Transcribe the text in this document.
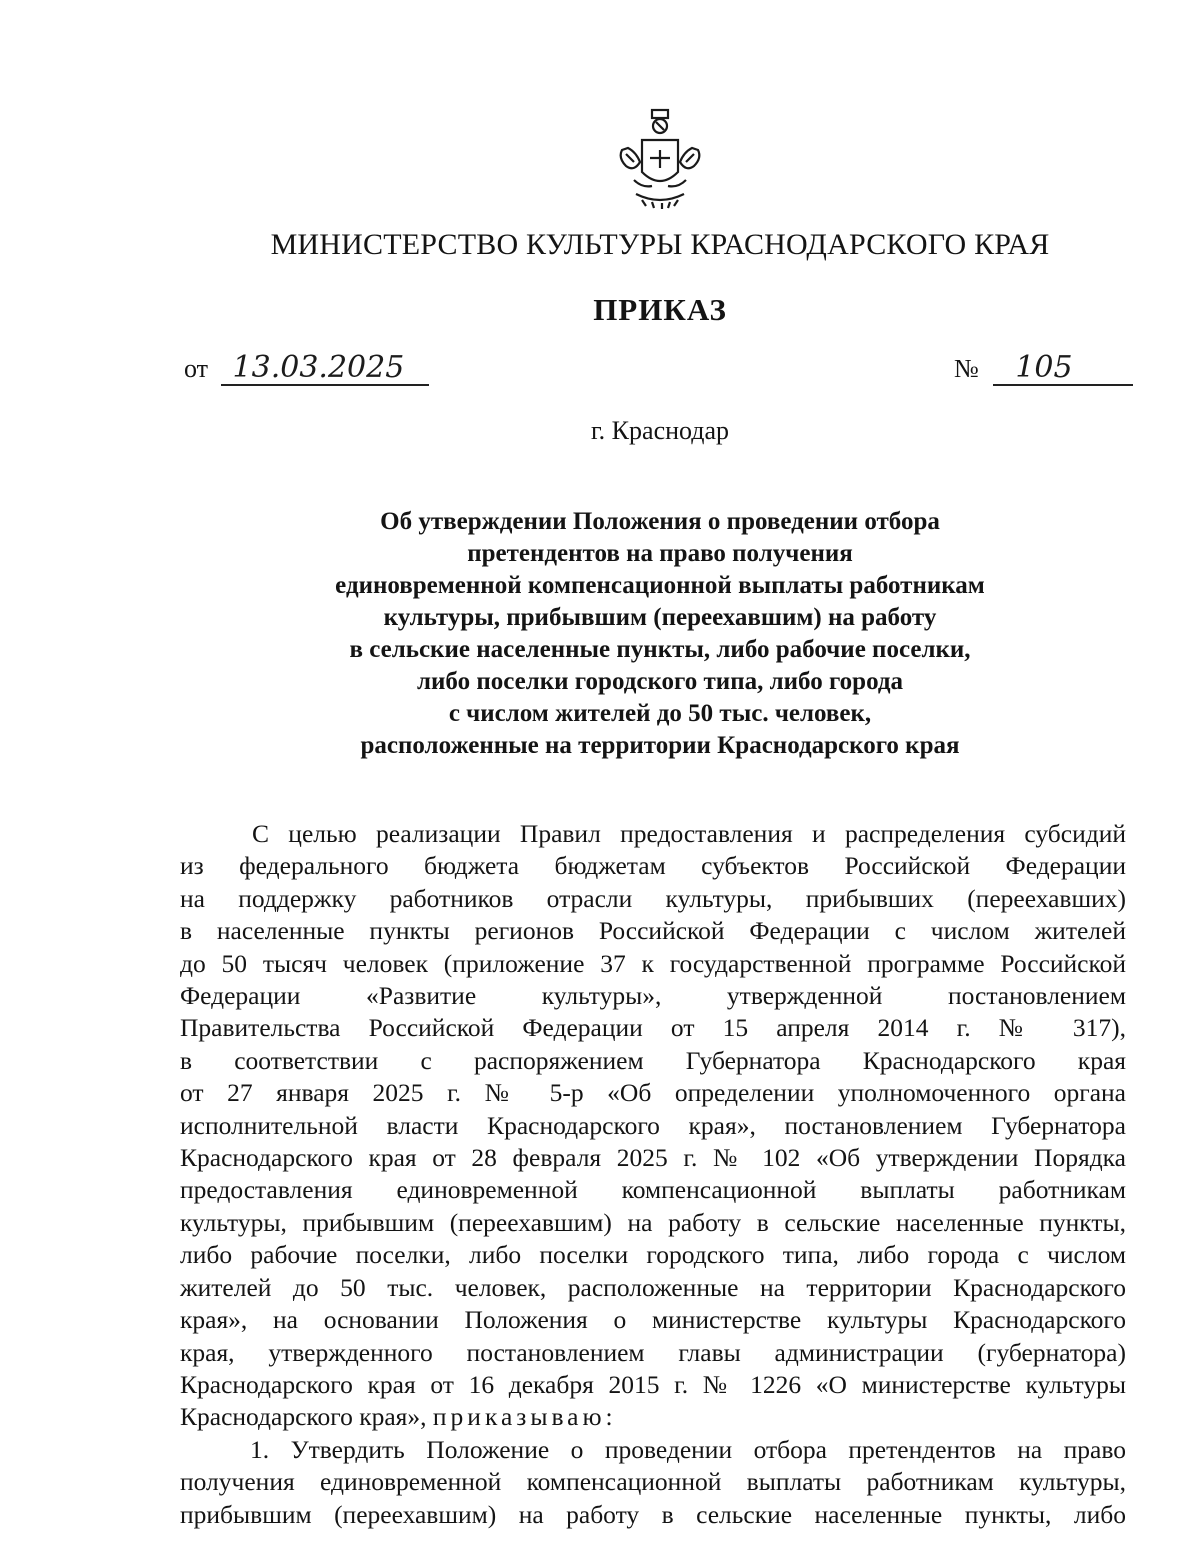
МИНИСТЕРСТВО КУЛЬТУРЫ КРАСНОДАРСКОГО КРАЯ
ПРИКАЗ
от 13.03.2025	№ 105
г. Краснодар
Об утверждении Положения о проведении отбора
претендентов на право получения
единовременной компенсационной выплаты работникам
культуры, прибывшим (переехавшим) на работу
в сельские населенные пункты, либо рабочие поселки,
либо поселки городского типа, либо города
с числом жителей до 50 тыс. человек,
расположенные на территории Краснодарского края

С целью реализации Правил предоставления и распределения субсидий
из федерального бюджета бюджетам субъектов Российской Федерации
на поддержку работников отрасли культуры, прибывших (переехавших)
в населенные пункты регионов Российской Федерации с числом жителей
до 50 тысяч человек (приложение 37 к государственной программе Российской
Федерации «Развитие культуры», утвержденной постановлением
Правительства Российской Федерации от 15 апреля 2014 г. № 317),
в соответствии с распоряжением Губернатора Краснодарского края
от 27 января 2025 г. № 5-р «Об определении уполномоченного органа
исполнительной власти Краснодарского края», постановлением Губернатора
Краснодарского края от 28 февраля 2025 г. № 102 «Об утверждении Порядка
предоставления единовременной компенсационной выплаты работникам
культуры, прибывшим (переехавшим) на работу в сельские населенные пункты,
либо рабочие поселки, либо поселки городского типа, либо города с числом
жителей до 50 тыс. человек, расположенные на территории Краснодарского
края», на основании Положения о министерстве культуры Краснодарского
края, утвержденного постановлением главы администрации (губернатора)
Краснодарского края от 16 декабря 2015 г. № 1226 «О министерстве культуры
Краснодарского края», приказываю:

1. Утвердить Положение о проведении отбора претендентов на право
получения единовременной компенсационной выплаты работникам культуры,
прибывшим (переехавшим) на работу в сельские населенные пункты, либо
